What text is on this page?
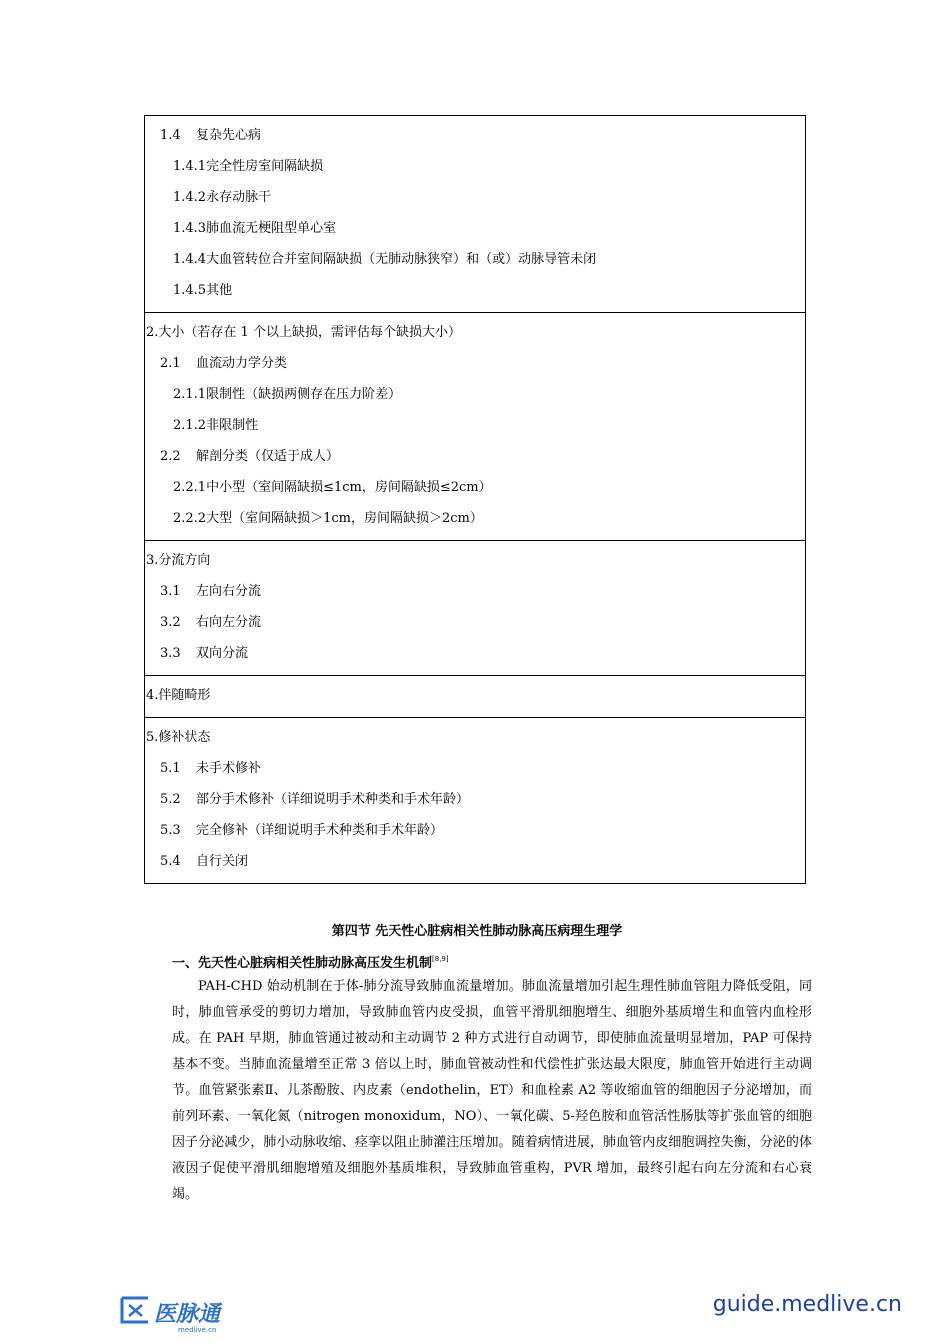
1.4 复杂先心病
1.4.1完全性房室间隔缺损
1.4.2永存动脉干
1.4.3肺血流无梗阻型单心室
1.4.4大血管转位合并室间隔缺损（无肺动脉狭窄）和（或）动脉导管未闭
1.4.5其他
2.大小（若存在 1 个以上缺损，需评估每个缺损大小）
2.1 血流动力学分类
2.1.1限制性（缺损两侧存在压力阶差）
2.1.2非限制性
2.2 解剖分类（仅适于成人）
2.2.1中小型（室间隔缺损≤1cm，房间隔缺损≤2cm）
2.2.2大型（室间隔缺损＞1cm，房间隔缺损＞2cm）
3.分流方向
3.1 左向右分流
3.2 右向左分流
3.3 双向分流
4.伴随畸形
5.修补状态
5.1 未手术修补
5.2 部分手术修补（详细说明手术种类和手术年龄）
5.3 完全修补（详细说明手术种类和手术年龄）
5.4 自行关闭
第四节 先天性心脏病相关性肺动脉高压病理生理学
一、先天性心脏病相关性肺动脉高压发生机制[8,9]

PAH-CHD 始动机制在于体-肺分流导致肺血流量增加。肺血流量增加引起生理性肺血管阻力降低受阻，同时，肺血管承受的剪切力增加，导致肺血管内皮受损，血管平滑肌细胞增生、细胞外基质增生和血管内血栓形成。在 PAH 早期，肺血管通过被动和主动调节 2 种方式进行自动调节，即使肺血流量明显增加，PAP 可保持基本不变。当肺血流量增至正常 3 倍以上时，肺血管被动性和代偿性扩张达最大限度，肺血管开始进行主动调节。血管紧张素Ⅱ、儿茶酚胺、内皮素（endothelin，ET）和血栓素 A2 等收缩血管的细胞因子分泌增加，而前列环素、一氧化氮（nitrogen monoxidum，NO）、一氧化碳、5-羟色胺和血管活性肠肽等扩张血管的细胞因子分泌减少，肺小动脉收缩、痉挛以阻止肺灌注压增加。随着病情进展，肺血管内皮细胞调控失衡，分泌的体液因子促使平滑肌细胞增殖及细胞外基质堆积，导致肺血管重构，PVR 增加，最终引起右向左分流和右心衰竭。

医脉通
medlive.cn
guide.medlive.cn
